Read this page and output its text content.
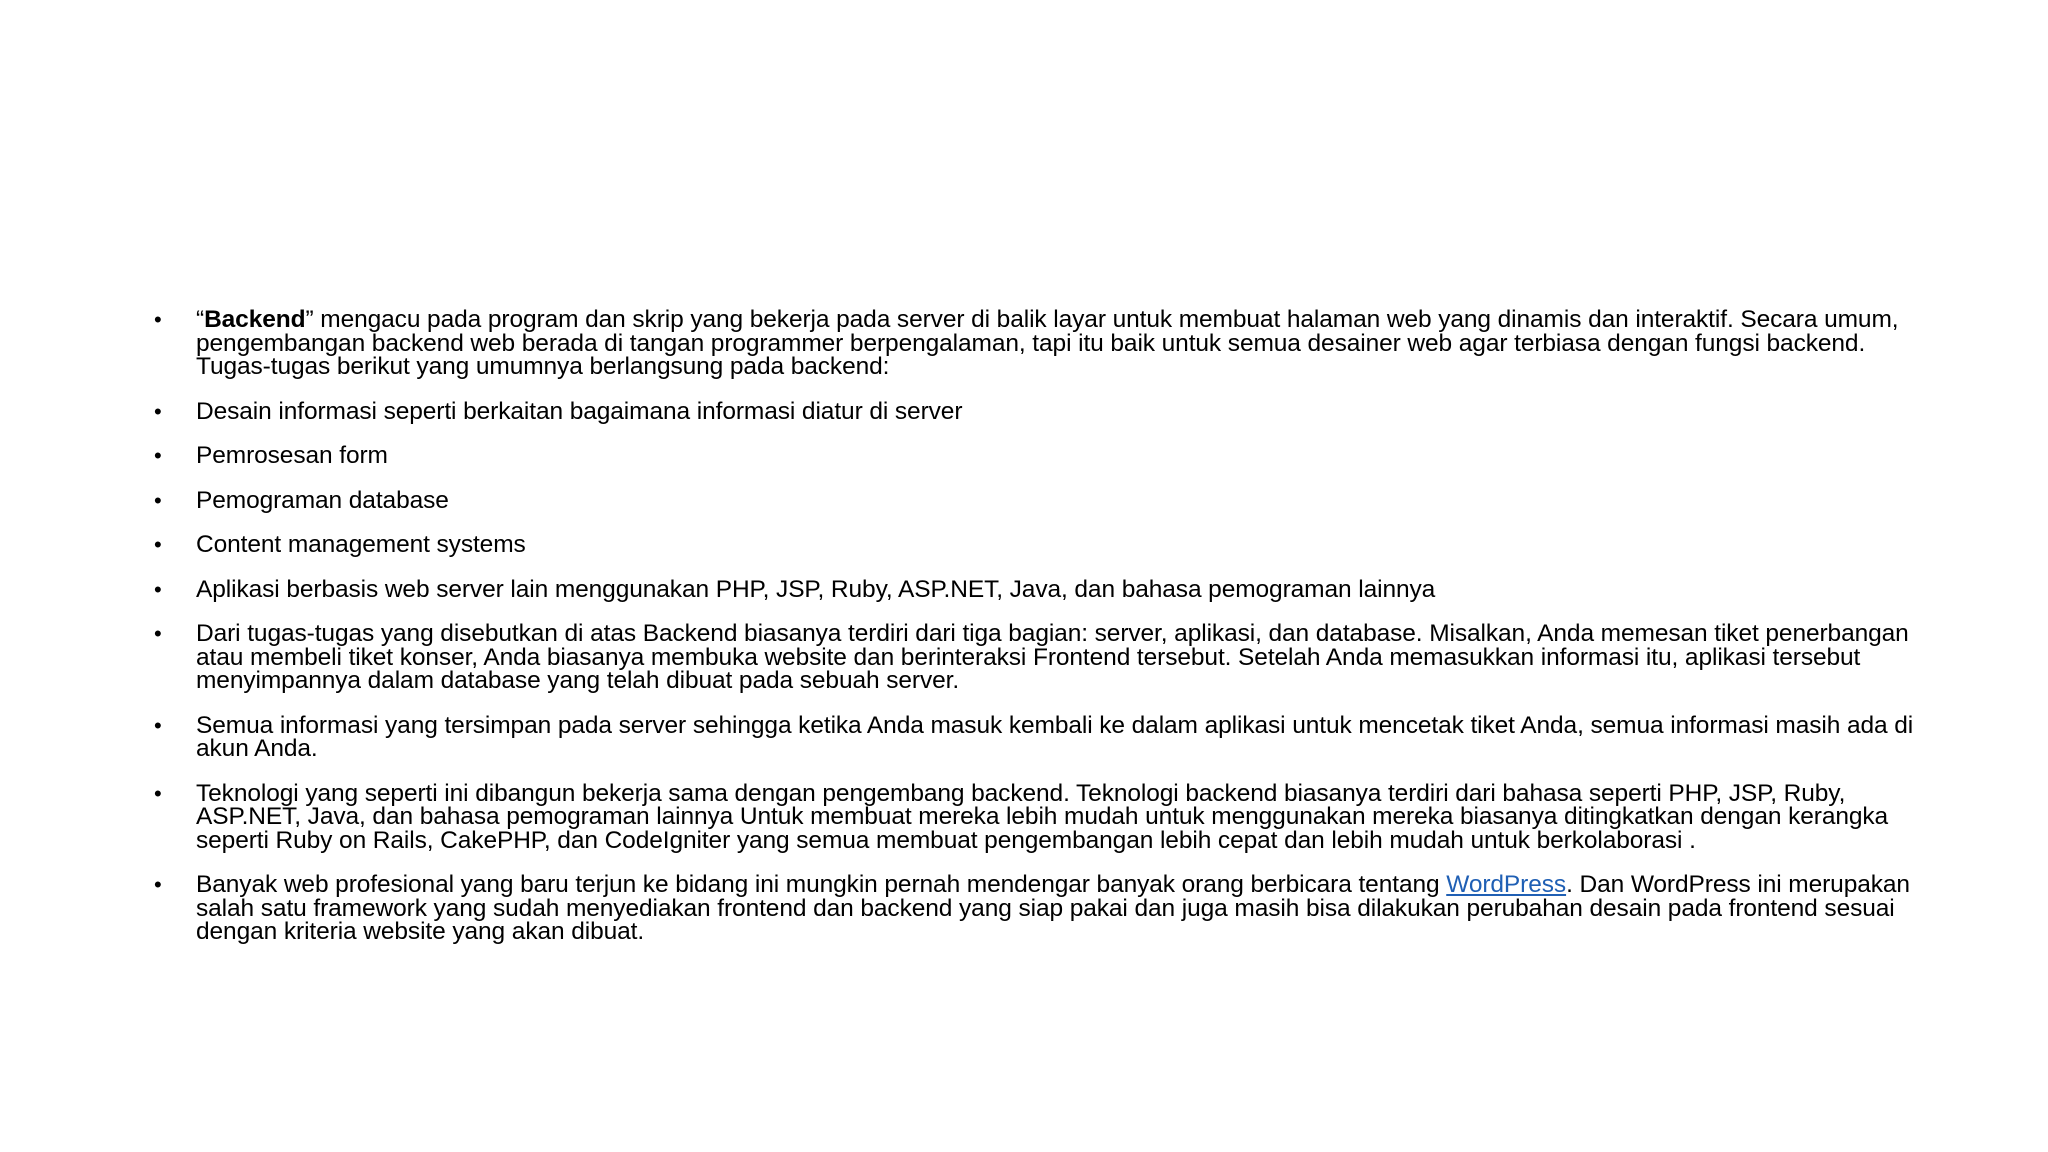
• “Backend” mengacu pada program dan skrip yang bekerja pada server di balik layar untuk membuat halaman web yang dinamis dan interaktif. Secara umum, pengembangan backend web berada di tangan programmer berpengalaman, tapi itu baik untuk semua desainer web agar terbiasa dengan fungsi backend. Tugas-tugas berikut yang umumnya berlangsung pada backend:
• Desain informasi seperti berkaitan bagaimana informasi diatur di server
• Pemrosesan form
• Pemograman database
• Content management systems
• Aplikasi berbasis web server lain menggunakan PHP, JSP, Ruby, ASP.NET, Java, dan bahasa pemograman lainnya
• Dari tugas-tugas yang disebutkan di atas Backend biasanya terdiri dari tiga bagian: server, aplikasi, dan database. Misalkan, Anda memesan tiket penerbangan atau membeli tiket konser, Anda biasanya membuka website dan berinteraksi Frontend tersebut. Setelah Anda memasukkan informasi itu, aplikasi tersebut menyimpannya dalam database yang telah dibuat pada sebuah server.
• Semua informasi yang tersimpan pada server sehingga ketika Anda masuk kembali ke dalam aplikasi untuk mencetak tiket Anda, semua informasi masih ada di akun Anda.
• Teknologi yang seperti ini dibangun bekerja sama dengan pengembang backend. Teknologi backend biasanya terdiri dari bahasa seperti PHP, JSP, Ruby, ASP.NET, Java, dan bahasa pemograman lainnya Untuk membuat mereka lebih mudah untuk menggunakan mereka biasanya ditingkatkan dengan kerangka seperti Ruby on Rails, CakePHP, dan CodeIgniter yang semua membuat pengembangan lebih cepat dan lebih mudah untuk berkolaborasi .
• Banyak web profesional yang baru terjun ke bidang ini mungkin pernah mendengar banyak orang berbicara tentang WordPress. Dan WordPress ini merupakan salah satu framework yang sudah menyediakan frontend dan backend yang siap pakai dan juga masih bisa dilakukan perubahan desain pada frontend sesuai dengan kriteria website yang akan dibuat.
